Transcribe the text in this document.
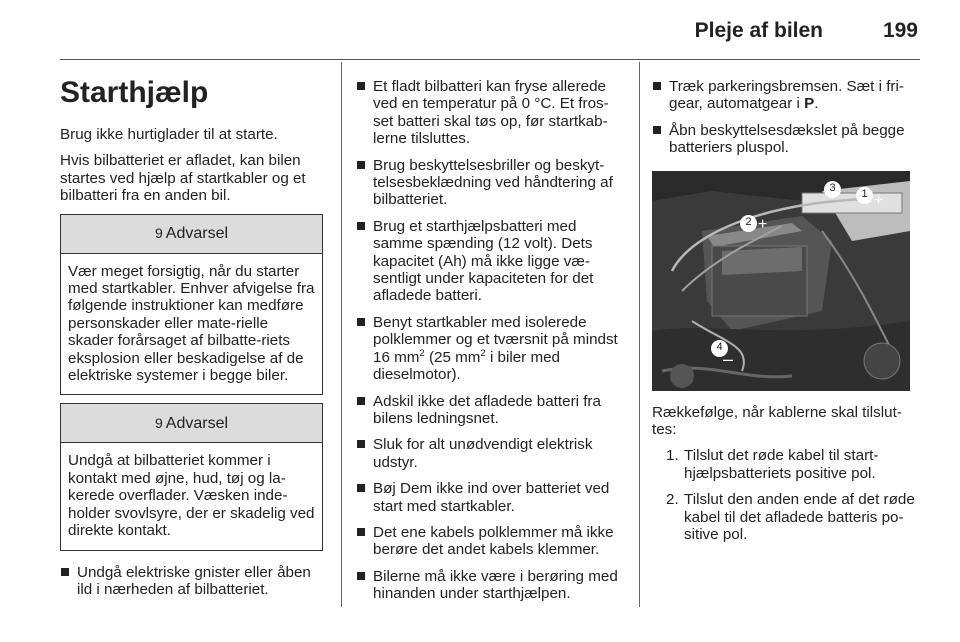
Pleje af bilen	199
Starthjælp

Brug ikke hurtiglader til at starte.

Hvis bilbatteriet er afladet, kan bilen startes ved hjælp af startkabler og et bilbatteri fra en anden bil.

9 Advarsel
Vær meget forsigtig, når du starter med startkabler. Enhver afvigelse fra følgende instruktioner kan medføre personskader eller mate-rielle skader forårsaget af bilbatte-riets eksplosion eller beskadigelse af de elektriske systemer i begge biler.
9 Advarsel
Undgå at bilbatteriet kommer i kontakt med øjne, hud, tøj og la-kerede overflader. Væsken inde-holder svovlsyre, der er skadelig ved direkte kontakt.
Undgå elektriske gnister eller åben ild i nærheden af bilbatteriet.
Et fladt bilbatteri kan fryse allerede ved en temperatur på 0 °C. Et fros-set batteri skal tøs op, før startkab-lerne tilsluttes.
Brug beskyttelsesbriller og beskyt-telsesbeklædning ved håndtering af bilbatteriet.
Brug et starthjælpsbatteri med samme spænding (12 volt). Dets kapacitet (Ah) må ikke ligge væ-sentligt under kapaciteten for det afladede batteri.
Benyt startkabler med isolerede polklemmer og et tværsnit på mindst 16 $mm^2$ (25 $mm^2$ i biler med dieselmotor).
Adskil ikke det afladede batteri fra bilens ledningsnet.
Sluk for alt unødvendigt elektrisk udstyr.
Bøj Dem ikke ind over batteriet ved start med startkabler.
Det ene kabels polklemmer må ikke berøre det andet kabels klemmer.
Bilerne må ikke være i berøring med hinanden under starthjælpen.
Træk parkeringsbremsen. Sæt i fri-gear, automatgear i P.
Åbn beskyttelsesdækslet på begge batteriers pluspol.
1 +
2 +
3
4
–

Rækkefølge, når kablerne skal tilslut-tes:

1. Tilslut det røde kabel til start-hjælpsbatteriets positive pol.
2. Tilslut den anden ende af det røde kabel til det afladede batteris po-sitive pol.
